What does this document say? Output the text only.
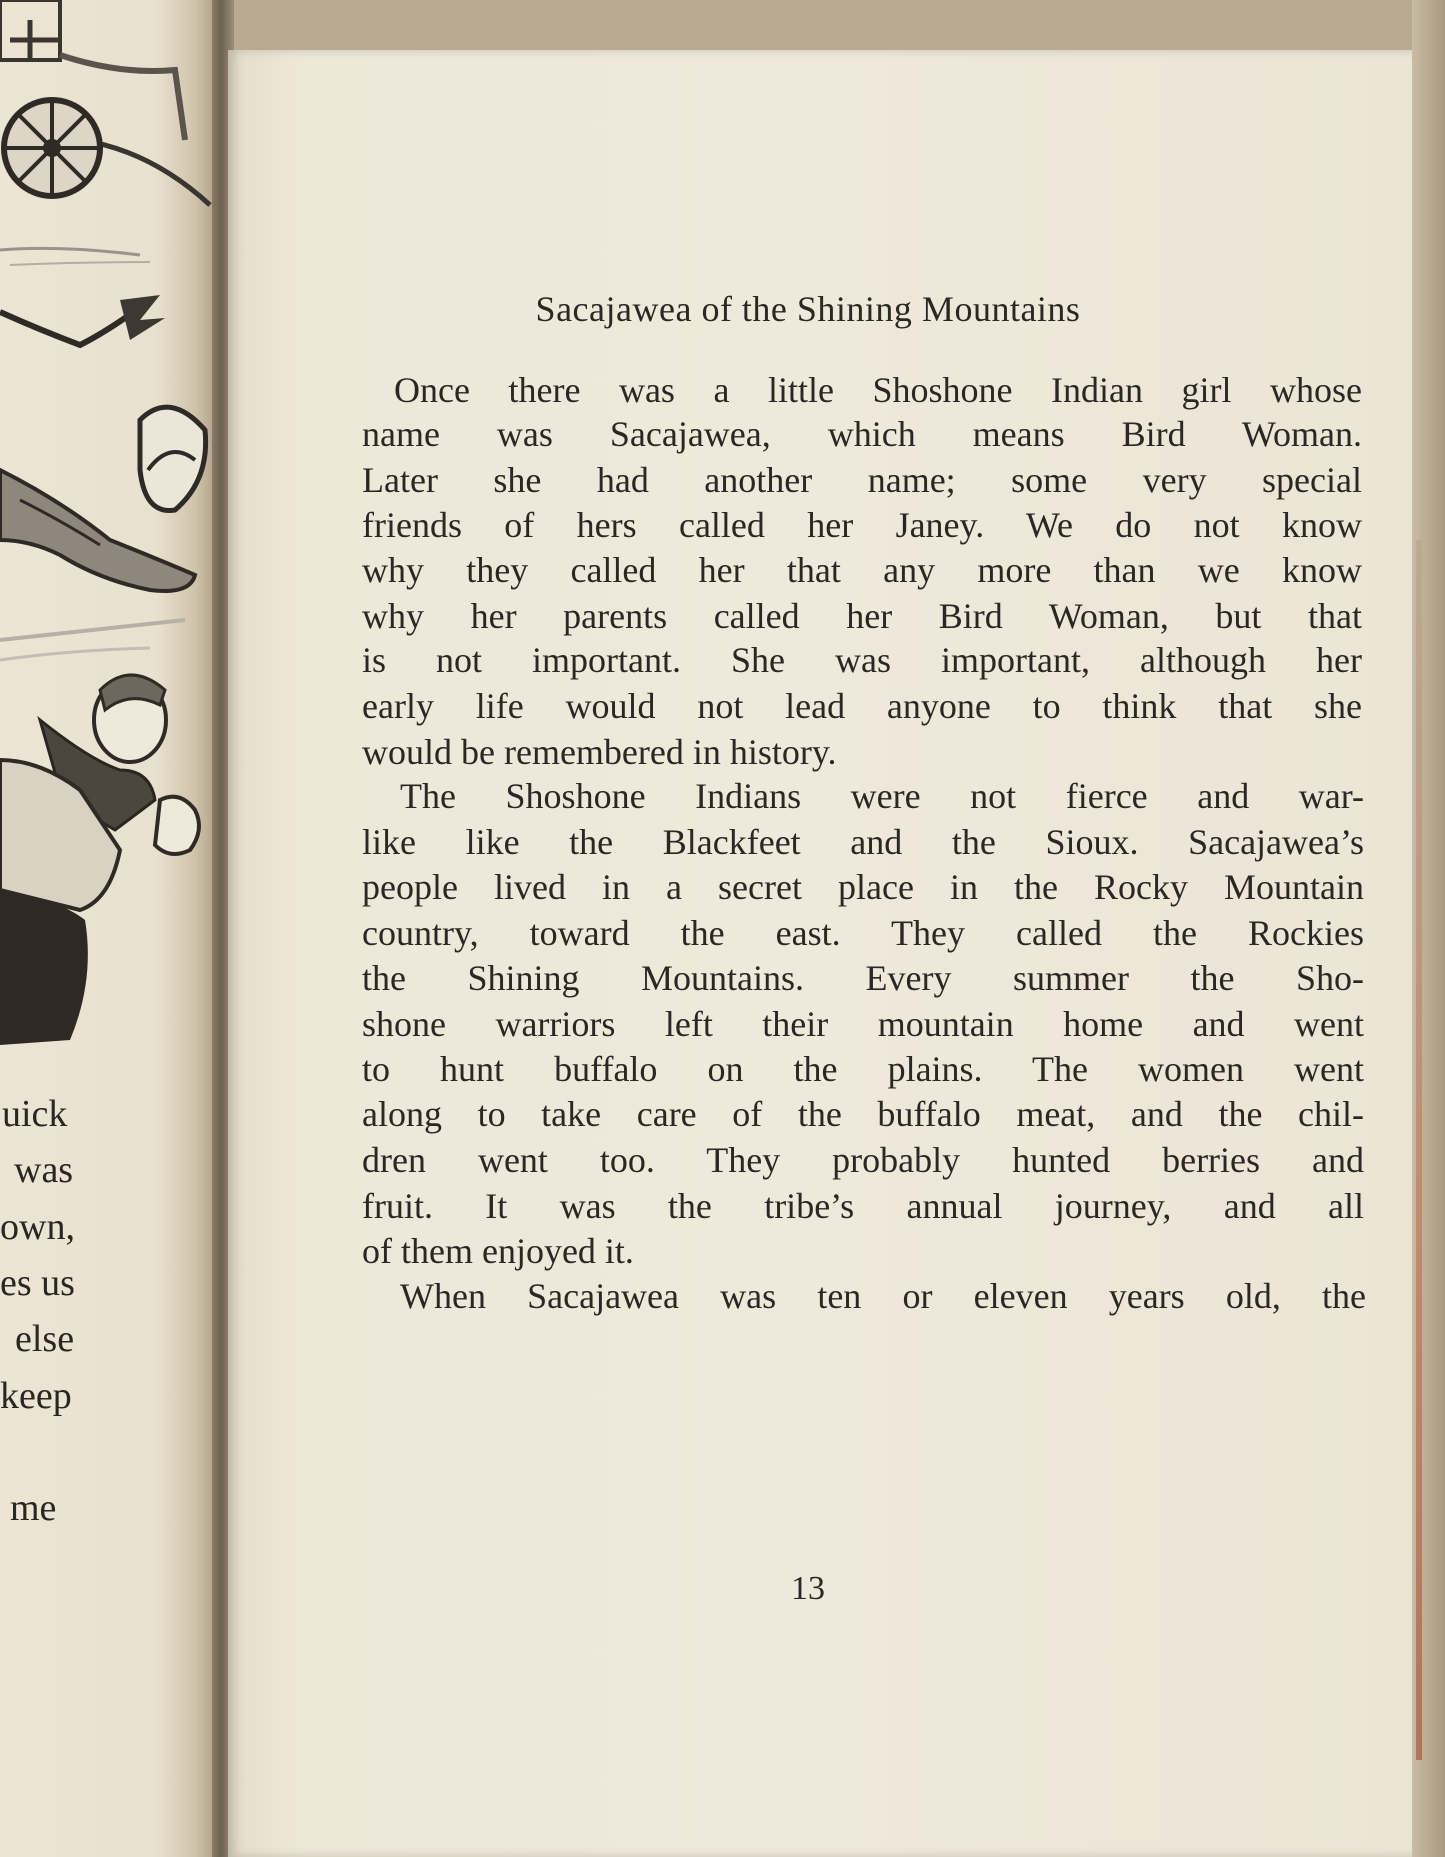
uick
was
own,
es us
else
keep
me
Sacajawea of the Shining Mountains
Once there was a little Shoshone Indian girl whose
name was Sacajawea, which means Bird Woman.
Later she had another name; some very special
friends of hers called her Janey. We do not know
why they called her that any more than we know
why her parents called her Bird Woman, but that
is not important. She was important, although her
early life would not lead anyone to think that she
would be remembered in history.
The Shoshone Indians were not fierce and war-
like like the Blackfeet and the Sioux. Sacajawea’s
people lived in a secret place in the Rocky Mountain
country, toward the east. They called the Rockies
the Shining Mountains. Every summer the Sho-
shone warriors left their mountain home and went
to hunt buffalo on the plains. The women went
along to take care of the buffalo meat, and the chil-
dren went too. They probably hunted berries and
fruit. It was the tribe’s annual journey, and all
of them enjoyed it.
When Sacajawea was ten or eleven years old, the
13
